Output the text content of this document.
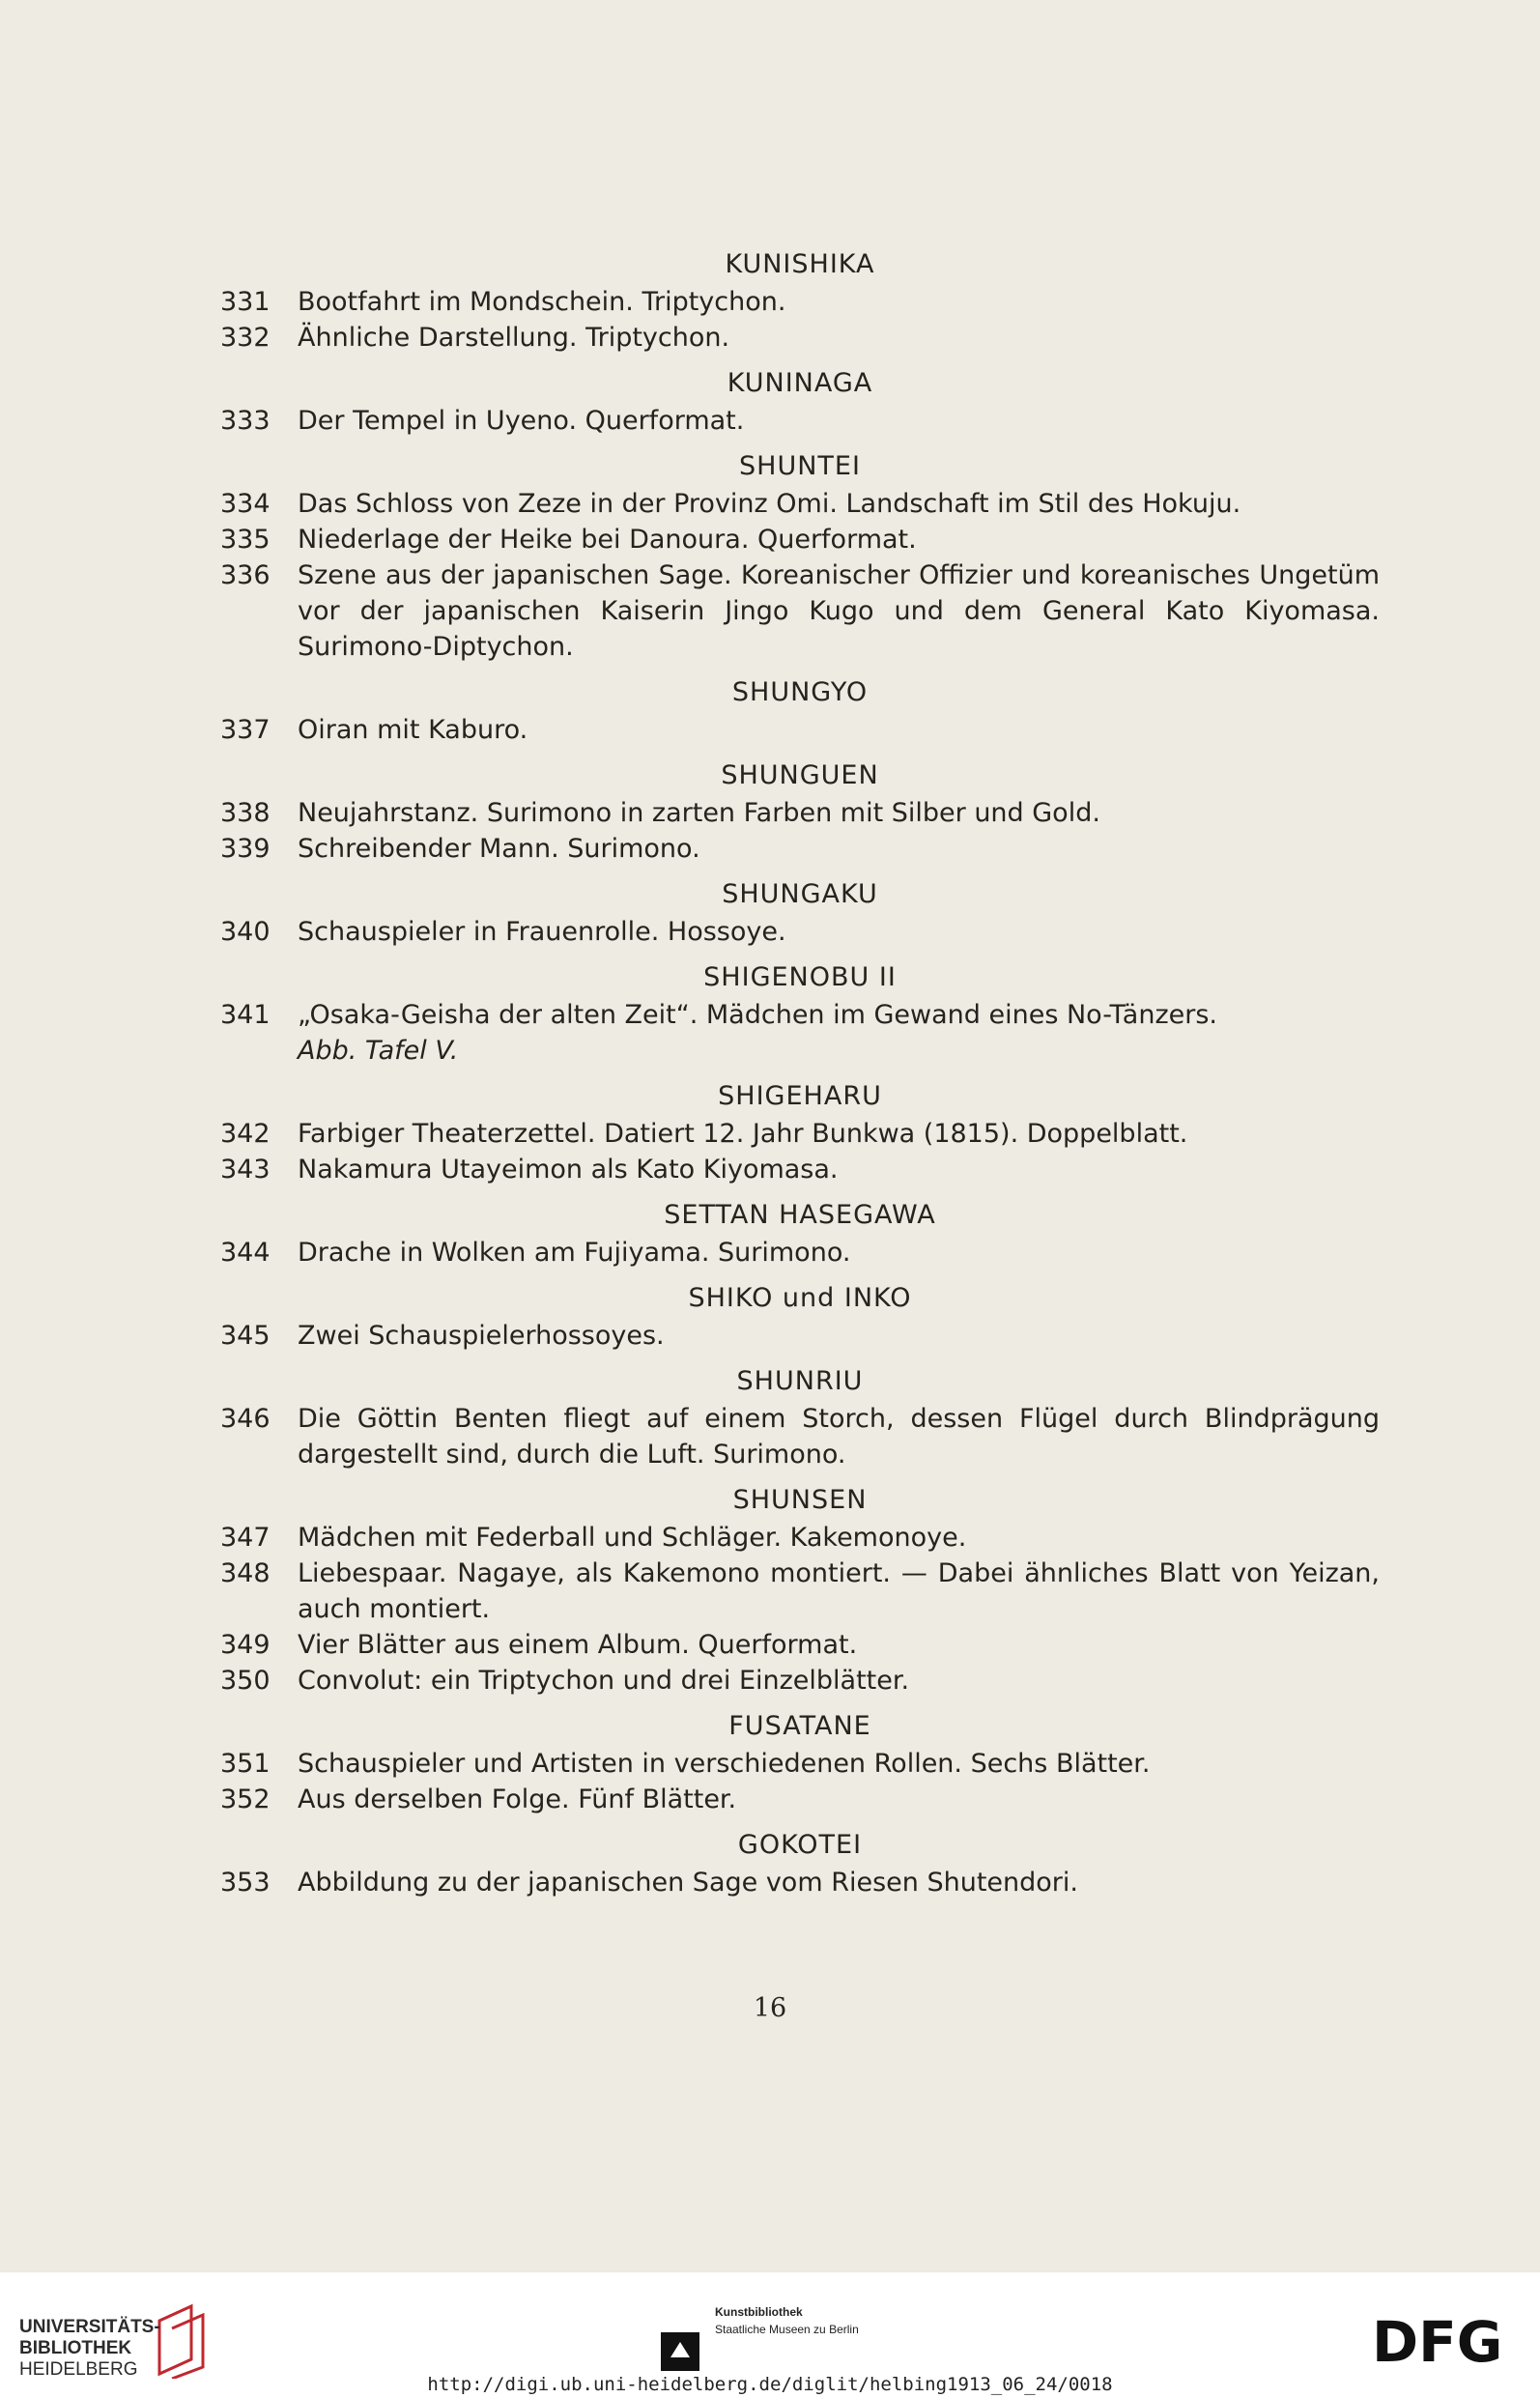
KUNISHIKA
331	Bootfahrt im Mondschein. Triptychon.
332	Ähnliche Darstellung. Triptychon.
KUNINAGA
333	Der Tempel in Uyeno. Querformat.
SHUNTEI
334	Das Schloss von Zeze in der Provinz Omi. Landschaft im Stil des Hokuju.
335	Niederlage der Heike bei Danoura. Querformat.
336	Szene aus der japanischen Sage. Koreanischer Offizier und koreanisches Ungetüm vor der japanischen Kaiserin Jingo Kugo und dem General Kato Kiyomasa. Surimono-Diptychon.
SHUNGYO
337	Oiran mit Kaburo.
SHUNGUEN
338	Neujahrstanz. Surimono in zarten Farben mit Silber und Gold.
339	Schreibender Mann. Surimono.
SHUNGAKU
340	Schauspieler in Frauenrolle. Hossoye.
SHIGENOBU II
341	„Osaka-Geisha der alten Zeit“. Mädchen im Gewand eines No-Tänzers.
Abb. Tafel V.
SHIGEHARU
342	Farbiger Theaterzettel. Datiert 12. Jahr Bunkwa (1815). Doppelblatt.
343	Nakamura Utayeimon als Kato Kiyomasa.
SETTAN HASEGAWA
344	Drache in Wolken am Fujiyama. Surimono.
SHIKO und INKO
345	Zwei Schauspielerhossoyes.
SHUNRIU
346	Die Göttin Benten fliegt auf einem Storch, dessen Flügel durch Blindprägung dargestellt sind, durch die Luft. Surimono.
SHUNSEN
347	Mädchen mit Federball und Schläger. Kakemonoye.
348	Liebespaar. Nagaye, als Kakemono montiert. — Dabei ähnliches Blatt von Yeizan, auch montiert.
349	Vier Blätter aus einem Album. Querformat.
350	Convolut: ein Triptychon und drei Einzelblätter.
FUSATANE
351	Schauspieler und Artisten in verschiedenen Rollen. Sechs Blätter.
352	Aus derselben Folge. Fünf Blätter.
GOKOTEI
353	Abbildung zu der japanischen Sage vom Riesen Shutendori.
16
UNIVERSITÄTS-
BIBLIOTHEK
HEIDELBERG
Kunstbibliothek
Staatliche Museen zu Berlin	DFG
http://digi.ub.uni-heidelberg.de/diglit/helbing1913_06_24/0018
